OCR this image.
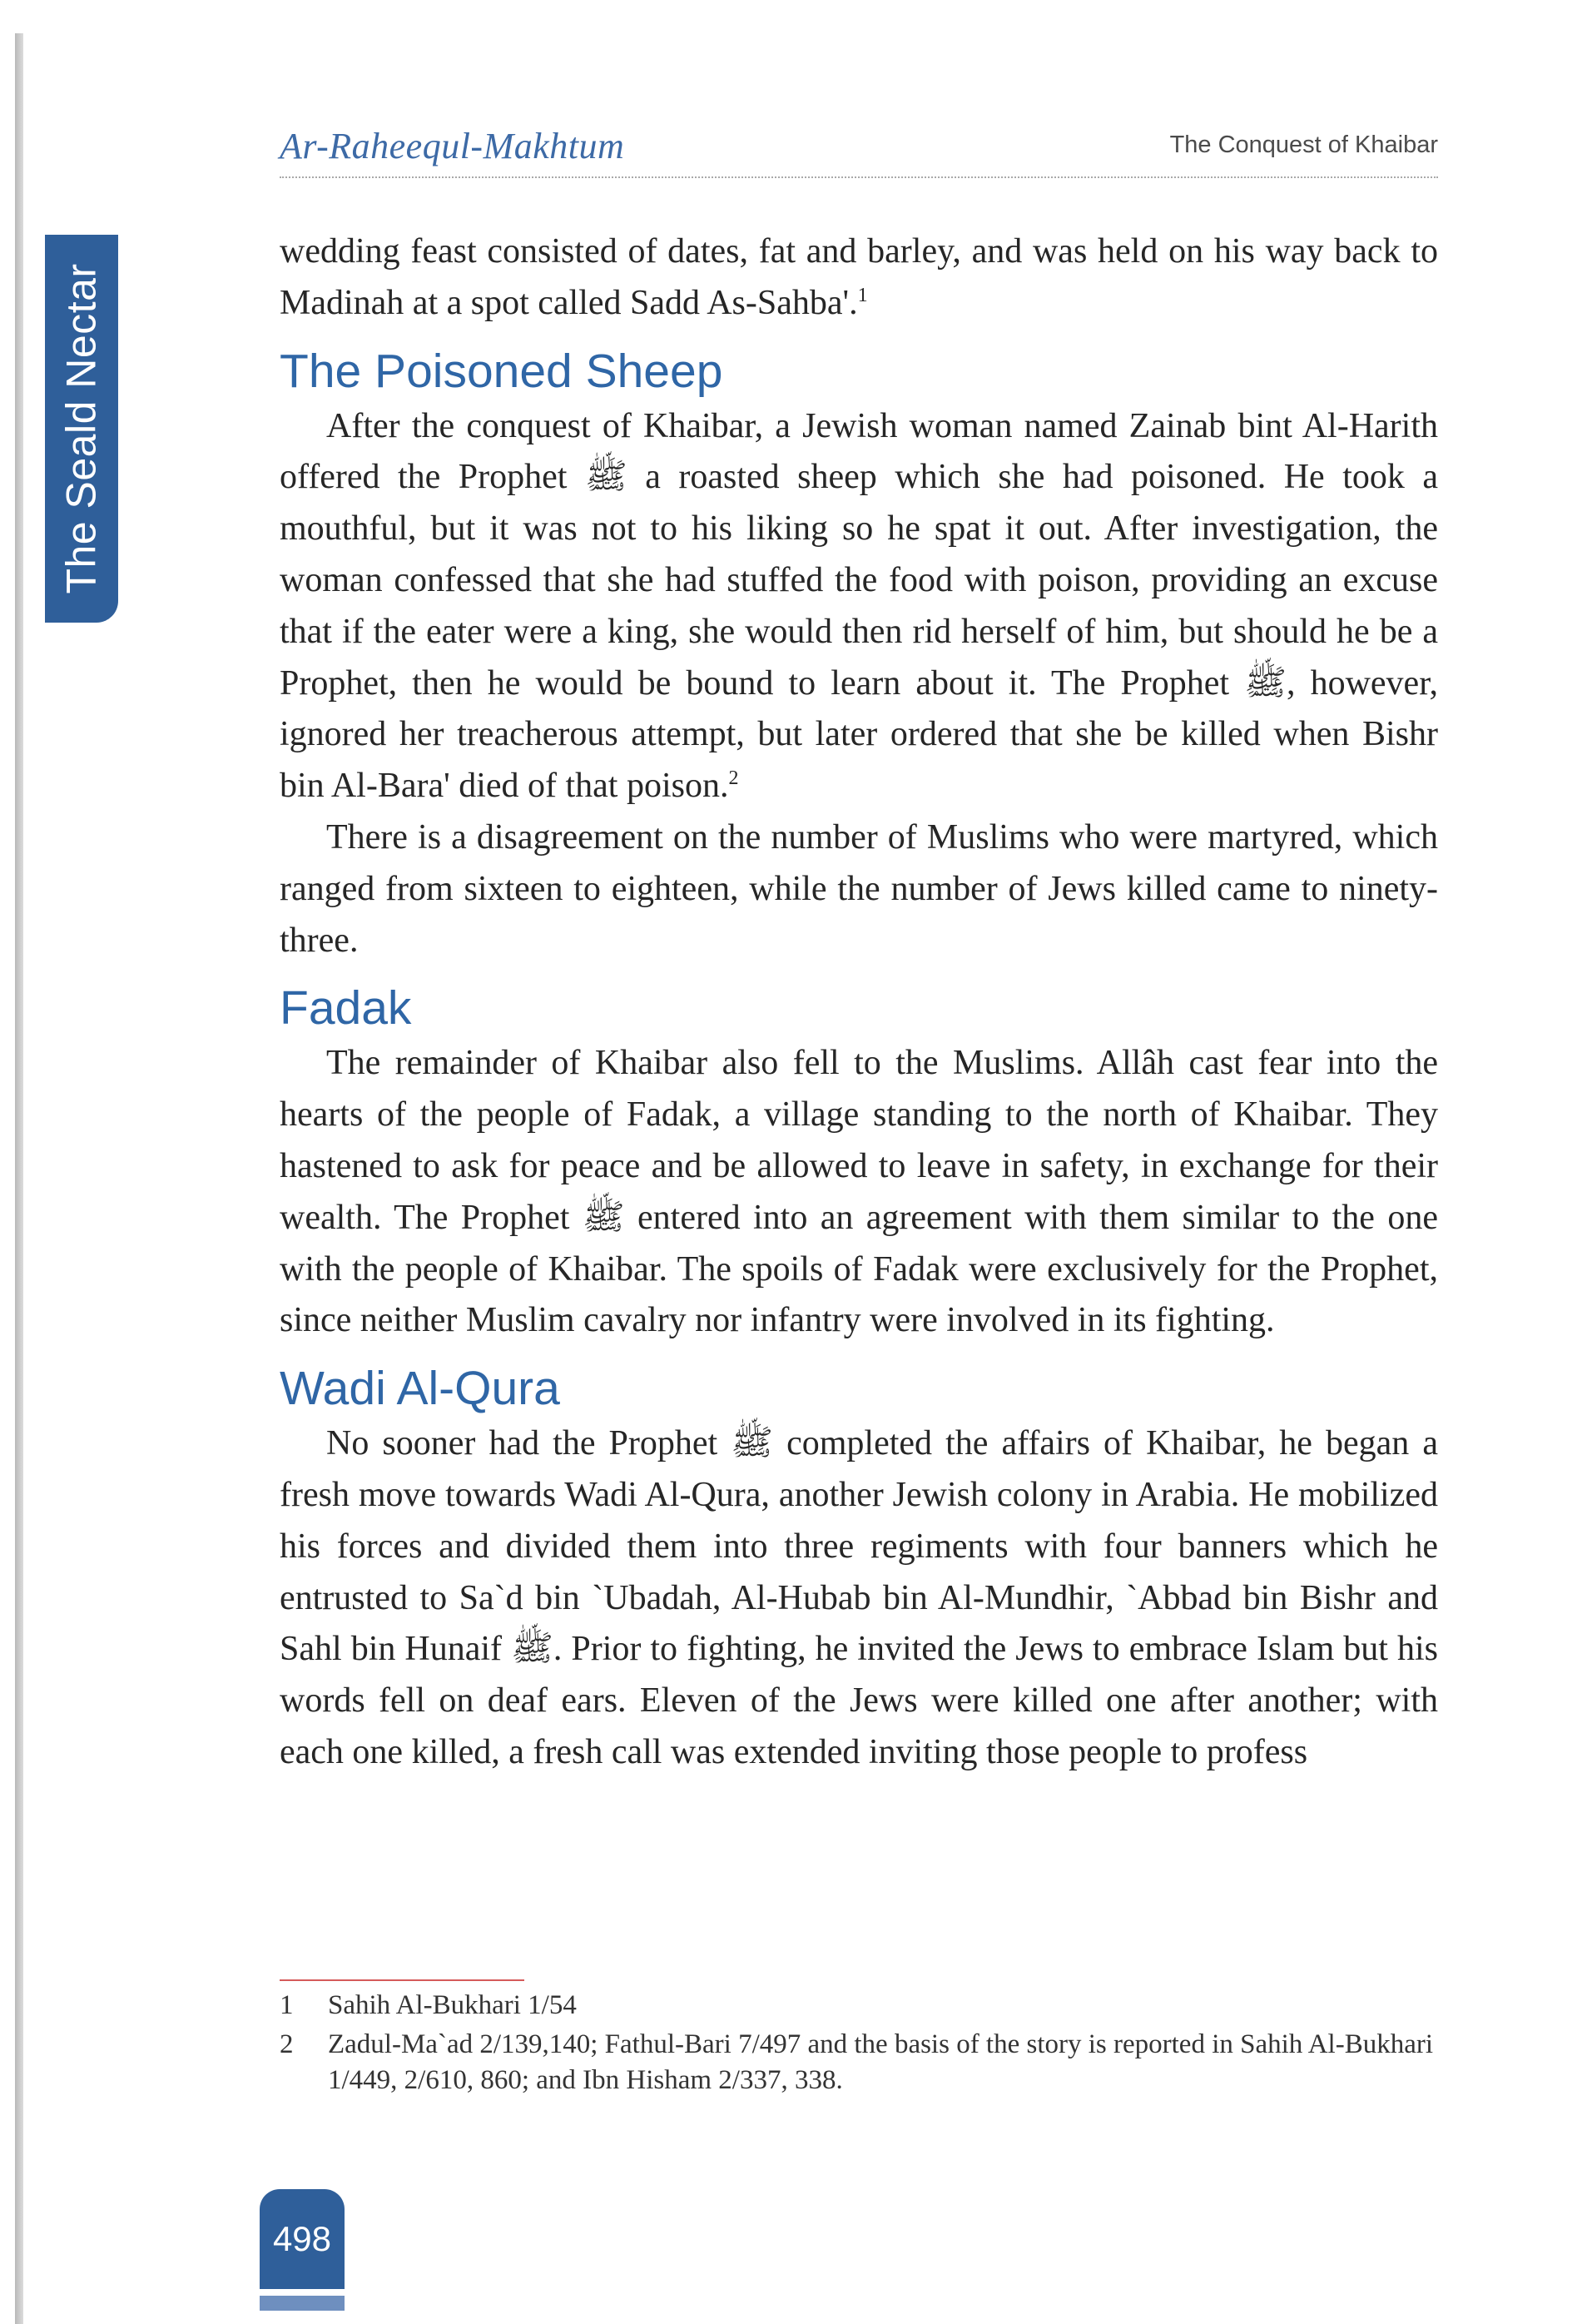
The Seald Nectar
Ar-Raheequl-Makhtum	The Conquest of Khaibar

wedding feast consisted of dates, fat and barley, and was held on his way back to Madinah at a spot called Sadd As-Sahba'.$^1$

The Poisoned Sheep

After the conquest of Khaibar, a Jewish woman named Zainab bint Al-Harith offered the Prophet ﷺ a roasted sheep which she had poisoned. He took a mouthful, but it was not to his liking so he spat it out. After investigation, the woman confessed that she had stuffed the food with poison, providing an excuse that if the eater were a king, she would then rid herself of him, but should he be a Prophet, then he would be bound to learn about it. The Prophet ﷺ, however, ignored her treacherous attempt, but later ordered that she be killed when Bishr bin Al-Bara' died of that poison.$^2$

There is a disagreement on the number of Muslims who were martyred, which ranged from sixteen to eighteen, while the number of Jews killed came to ninety-three.

Fadak

The remainder of Khaibar also fell to the Muslims. Allâh cast fear into the hearts of the people of Fadak, a village standing to the north of Khaibar. They hastened to ask for peace and be allowed to leave in safety, in exchange for their wealth. The Prophet ﷺ entered into an agreement with them similar to the one with the people of Khaibar. The spoils of Fadak were exclusively for the Prophet, since neither Muslim cavalry nor infantry were involved in its fighting.

Wadi Al-Qura

No sooner had the Prophet ﷺ completed the affairs of Khaibar, he began a fresh move towards Wadi Al-Qura, another Jewish colony in Arabia. He mobilized his forces and divided them into three regiments with four banners which he entrusted to Sa`d bin `Ubadah, Al-Hubab bin Al-Mundhir, `Abbad bin Bishr and Sahl bin Hunaif ﷺ. Prior to fighting, he invited the Jews to embrace Islam but his words fell on deaf ears. Eleven of the Jews were killed one after another; with each one killed, a fresh call was extended inviting those people to profess

1	Sahih Al-Bukhari 1/54
2	Zadul-Ma`ad 2/139,140; Fathul-Bari 7/497 and the basis of the story is reported in Sahih Al-Bukhari 1/449, 2/610, 860; and Ibn Hisham 2/337, 338.
498
